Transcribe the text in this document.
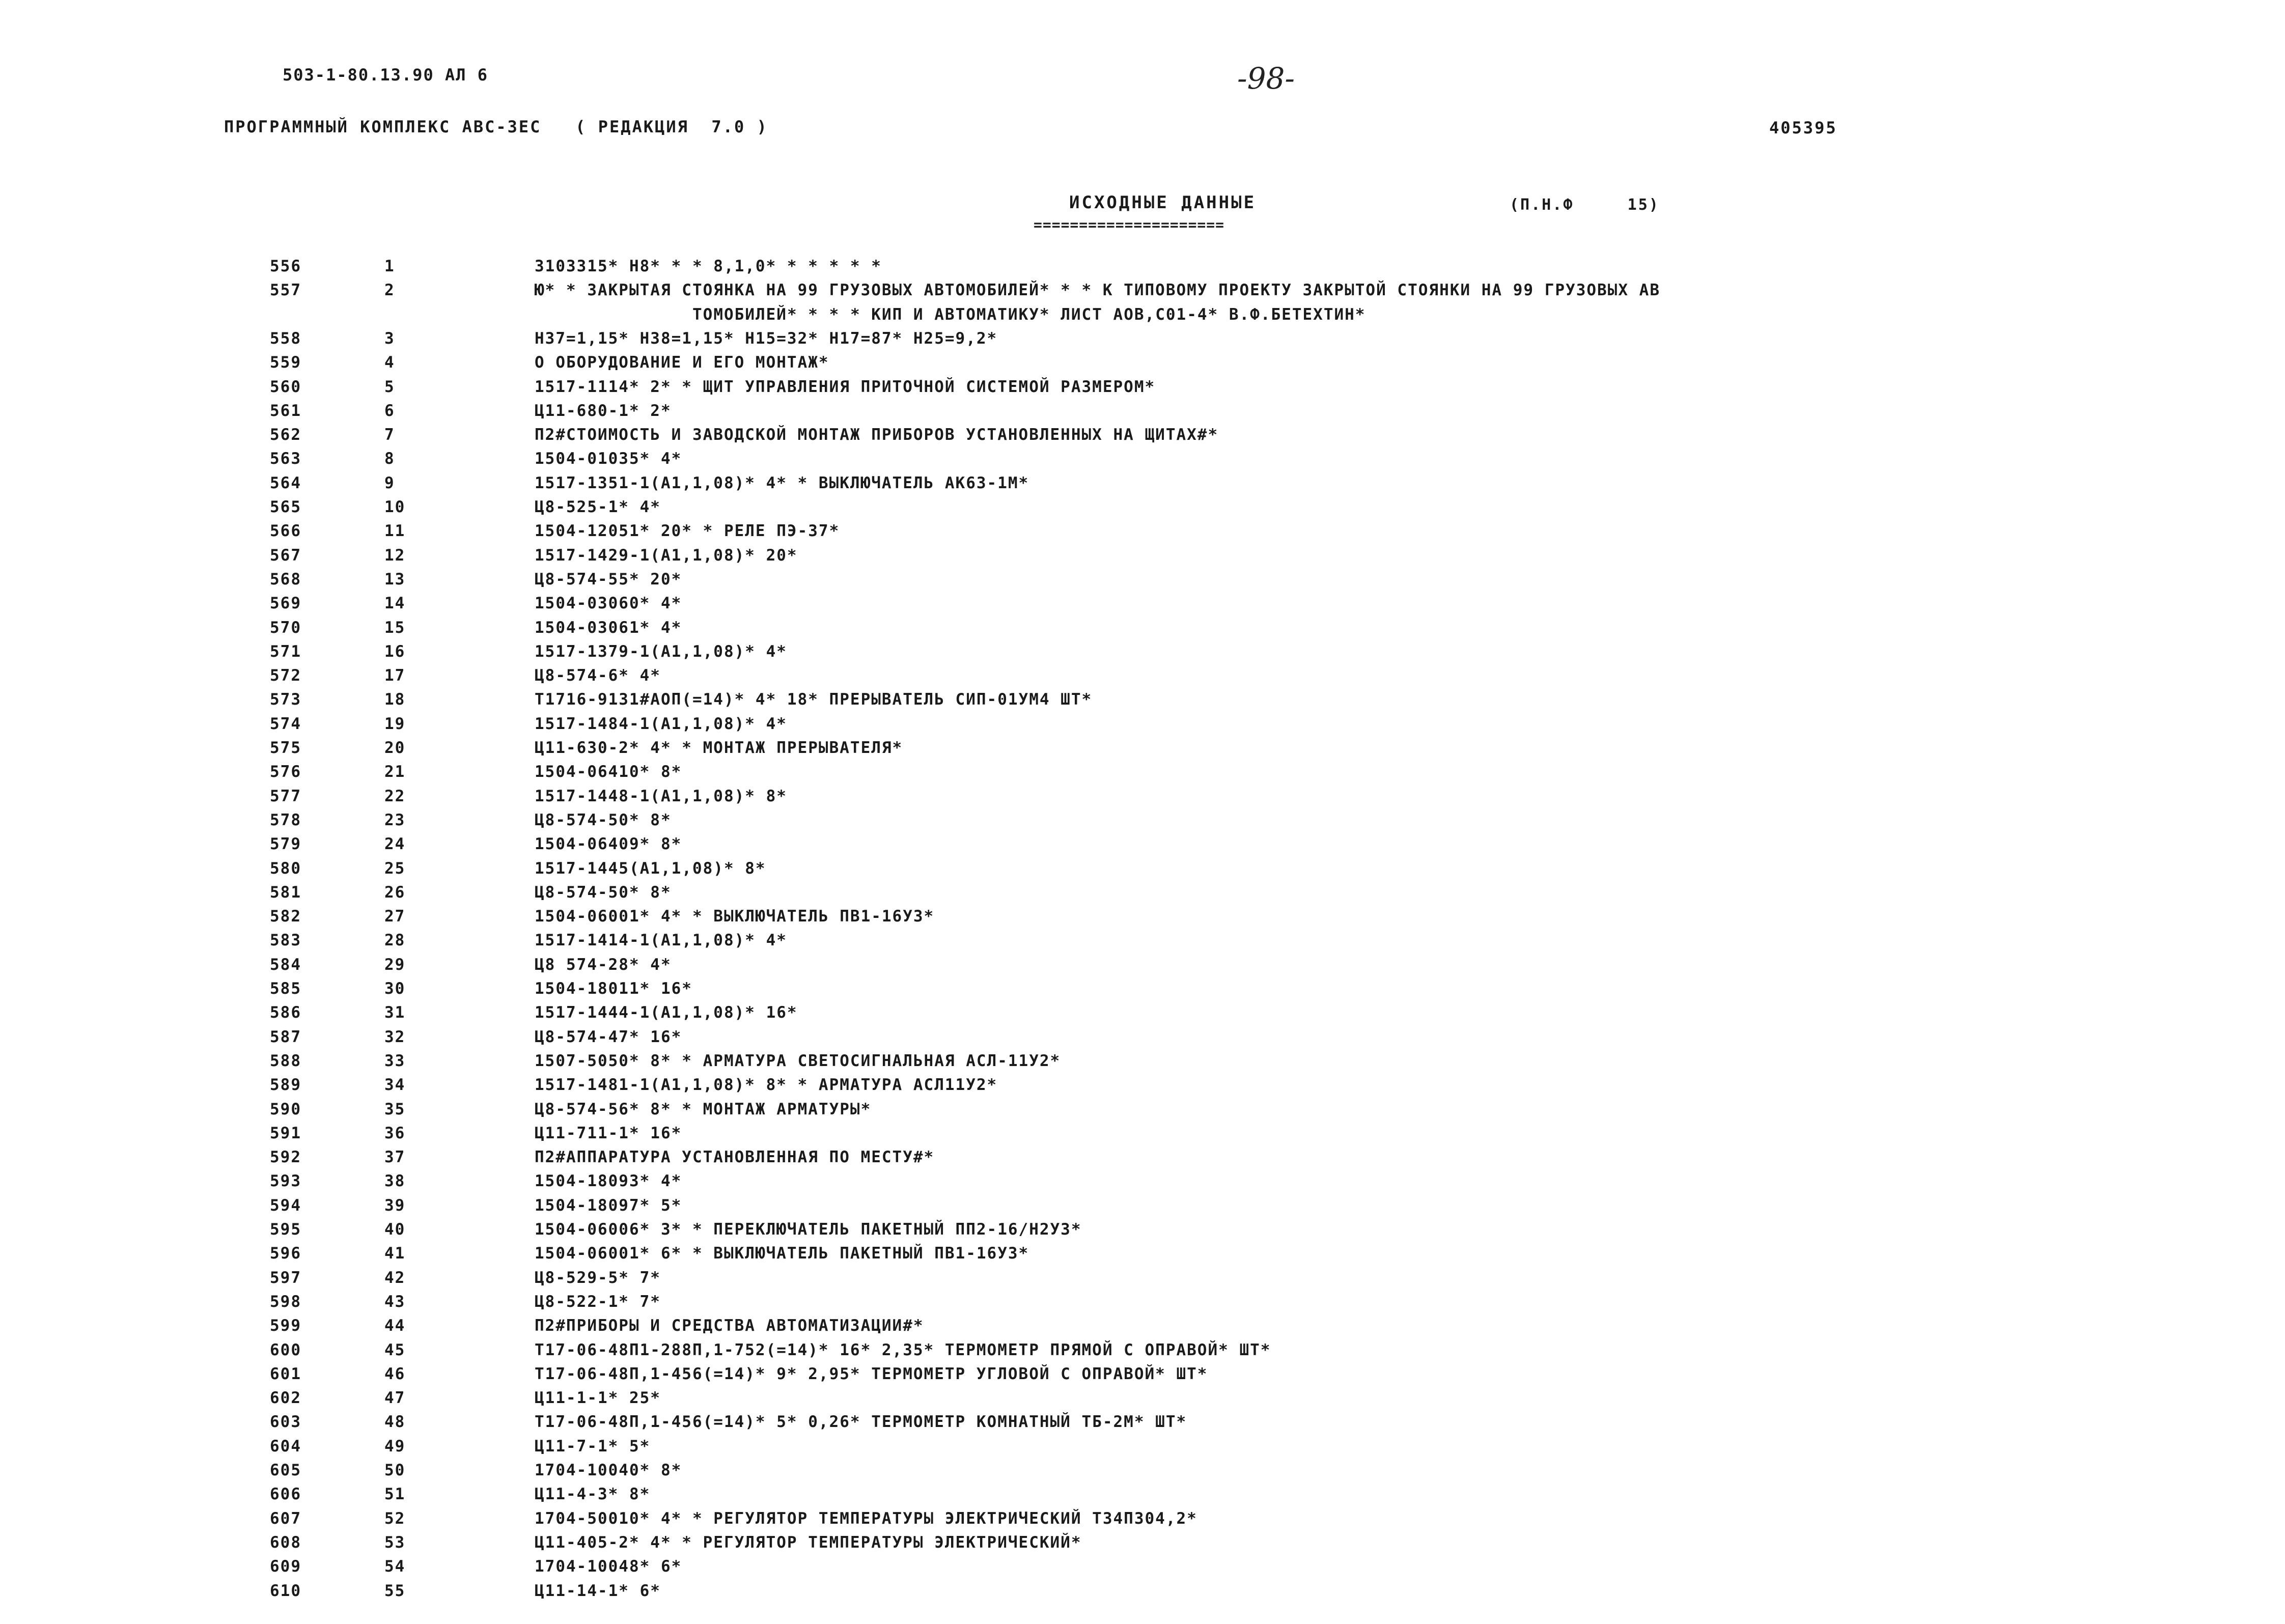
503-1-80.13.90 АЛ 6	-98-
ПРОГРАММНЫЙ КОМПЛЕКС АВС-3ЕС   ( РЕДАКЦИЯ  7.0 )	405395
ИСХОДНЫЕ ДАННЫЕ
=====================
(П.Н.Ф     15)
556	1	3103315* Н8* * * 8,1,0* * * * * *
557	2	Ю* * ЗАКРЫТАЯ СТОЯНКА НА 99 ГРУЗОВЫХ АВТОМОБИЛЕЙ* * * К ТИПОВОМУ ПРОЕКТУ ЗАКРЫТОЙ СТОЯНКИ НА 99 ГРУЗОВЫХ АВ
ТОМОБИЛЕЙ* * * * КИП И АВТОМАТИКУ* ЛИСТ АОВ,С01-4* В.Ф.БЕТЕХТИН*
558	3	Н37=1,15* Н38=1,15* Н15=32* Н17=87* Н25=9,2*
559	4	О ОБОРУДОВАНИЕ И ЕГО МОНТАЖ*
560	5	1517-1114* 2* * ЩИТ УПРАВЛЕНИЯ ПРИТОЧНОЙ СИСТЕМОЙ РАЗМЕРОМ*
561	6	Ц11-680-1* 2*
562	7	П2#СТОИМОСТЬ И ЗАВОДСКОЙ МОНТАЖ ПРИБОРОВ УСТАНОВЛЕННЫХ НА ЩИТАХ#*
563	8	1504-01035* 4*
564	9	1517-1351-1(А1,1,08)* 4* * ВЫКЛЮЧАТЕЛЬ АК63-1М*
565	10	Ц8-525-1* 4*
566	11	1504-12051* 20* * РЕЛЕ ПЭ-37*
567	12	1517-1429-1(А1,1,08)* 20*
568	13	Ц8-574-55* 20*
569	14	1504-03060* 4*
570	15	1504-03061* 4*
571	16	1517-1379-1(А1,1,08)* 4*
572	17	Ц8-574-6* 4*
573	18	Т1716-9131#АОП(=14)* 4* 18* ПРЕРЫВАТЕЛЬ СИП-01УМ4 ШТ*
574	19	1517-1484-1(А1,1,08)* 4*
575	20	Ц11-630-2* 4* * МОНТАЖ ПРЕРЫВАТЕЛЯ*
576	21	1504-06410* 8*
577	22	1517-1448-1(А1,1,08)* 8*
578	23	Ц8-574-50* 8*
579	24	1504-06409* 8*
580	25	1517-1445(А1,1,08)* 8*
581	26	Ц8-574-50* 8*
582	27	1504-06001* 4* * ВЫКЛЮЧАТЕЛЬ ПВ1-16У3*
583	28	1517-1414-1(А1,1,08)* 4*
584	29	Ц8 574-28* 4*
585	30	1504-18011* 16*
586	31	1517-1444-1(А1,1,08)* 16*
587	32	Ц8-574-47* 16*
588	33	1507-5050* 8* * АРМАТУРА СВЕТОСИГНАЛЬНАЯ АСЛ-11У2*
589	34	1517-1481-1(А1,1,08)* 8* * АРМАТУРА АСЛ11У2*
590	35	Ц8-574-56* 8* * МОНТАЖ АРМАТУРЫ*
591	36	Ц11-711-1* 16*
592	37	П2#АППАРАТУРА УСТАНОВЛЕННАЯ ПО МЕСТУ#*
593	38	1504-18093* 4*
594	39	1504-18097* 5*
595	40	1504-06006* 3* * ПЕРЕКЛЮЧАТЕЛЬ ПАКЕТНЫЙ ПП2-16/Н2У3*
596	41	1504-06001* 6* * ВЫКЛЮЧАТЕЛЬ ПАКЕТНЫЙ ПВ1-16У3*
597	42	Ц8-529-5* 7*
598	43	Ц8-522-1* 7*
599	44	П2#ПРИБОРЫ И СРЕДСТВА АВТОМАТИЗАЦИИ#*
600	45	Т17-06-48П1-288П,1-752(=14)* 16* 2,35* ТЕРМОМЕТР ПРЯМОЙ С ОПРАВОЙ* ШТ*
601	46	Т17-06-48П,1-456(=14)* 9* 2,95* ТЕРМОМЕТР УГЛОВОЙ С ОПРАВОЙ* ШТ*
602	47	Ц11-1-1* 25*
603	48	Т17-06-48П,1-456(=14)* 5* 0,26* ТЕРМОМЕТР КОМНАТНЫЙ ТБ-2М* ШТ*
604	49	Ц11-7-1* 5*
605	50	1704-10040* 8*
606	51	Ц11-4-3* 8*
607	52	1704-50010* 4* * РЕГУЛЯТОР ТЕМПЕРАТУРЫ ЭЛЕКТРИЧЕСКИЙ Т34П304,2*
608	53	Ц11-405-2* 4* * РЕГУЛЯТОР ТЕМПЕРАТУРЫ ЭЛЕКТРИЧЕСКИЙ*
609	54	1704-10048* 6*
610	55	Ц11-14-1* 6*
